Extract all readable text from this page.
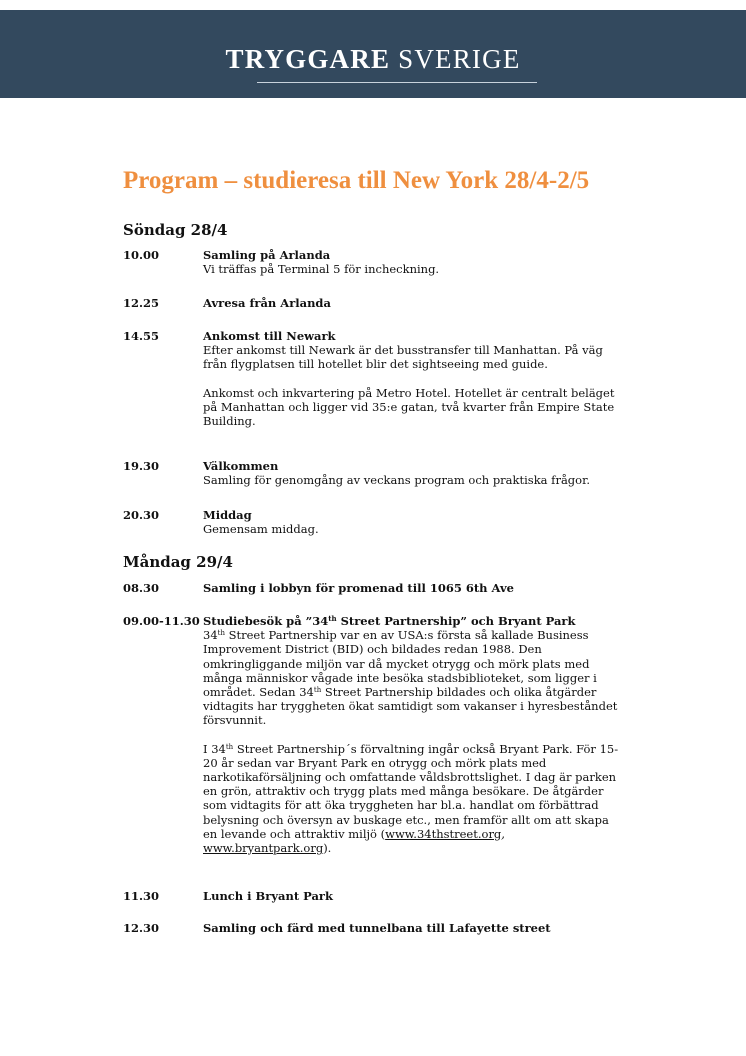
TRYGGARE SVERIGE
Program – studieresa till New York 28/4-2/5
Söndag 28/4
10.00	Samling på Arlanda
Vi träffas på Terminal 5 för incheckning.
12.25	Avresa från Arlanda
14.55	Ankomst till Newark
Efter ankomst till Newark är det busstransfer till Manhattan. På väg från flygplatsen till hotellet blir det sightseeing med guide.
Ankomst och inkvartering på Metro Hotel. Hotellet är centralt beläget på Manhattan och ligger vid 35:e gatan, två kvarter från Empire State Building.
19.30	Välkommen
Samling för genomgång av veckans program och praktiska frågor.
20.30	Middag
Gemensam middag.
Måndag 29/4
08.30	Samling i lobbyn för promenad till 1065 6th Ave
09.00-11.30 Studiebesök på ”34th Street Partnership” och Bryant Park
34th Street Partnership var en av USA:s första så kallade Business Improvement District (BID) och bildades redan 1988. Den omkringliggande miljön var då mycket otrygg och mörk plats med många människor vågade inte besöka stadsbiblioteket, som ligger i området. Sedan 34th Street Partnership bildades och olika åtgärder vidtagits har tryggheten ökat samtidigt som vakanser i hyresbeståndet försvunnit.
I 34th Street Partnership´s förvaltning ingår också Bryant Park. För 15-20 år sedan var Bryant Park en otrygg och mörk plats med narkotikaförsäljning och omfattande våldsbrottslighet. I dag är parken en grön, attraktiv och trygg plats med många besökare. De åtgärder som vidtagits för att öka tryggheten har bl.a. handlat om förbättrad belysning och översyn av buskage etc., men framför allt om att skapa en levande och attraktiv miljö (www.34thstreet.org, www.bryantpark.org).
11.30	Lunch i Bryant Park
12.30	Samling och färd med tunnelbana till Lafayette street
